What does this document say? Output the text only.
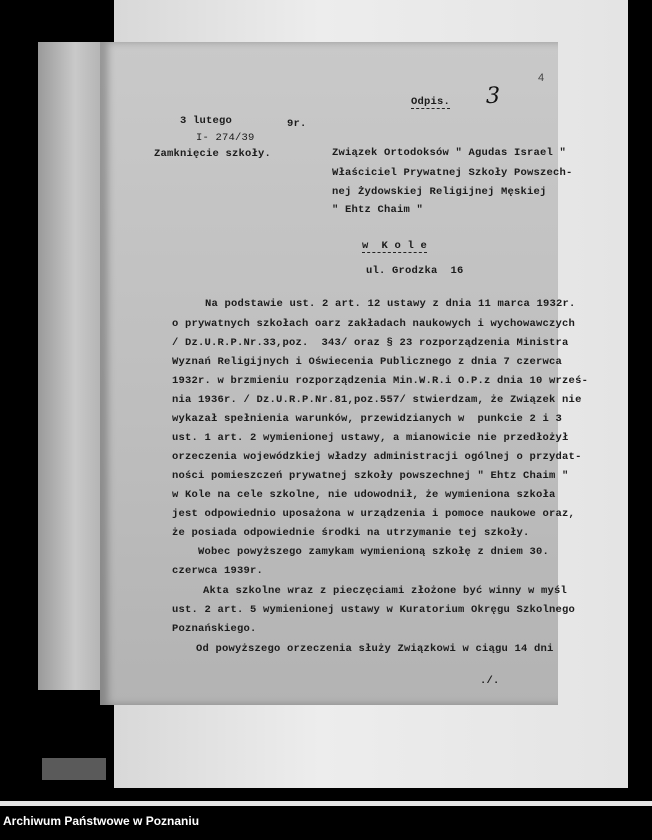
4
3
Odpis.
3 lutego	9r.
I- 274/39
Zamknięcie szkoły.	Związek Ortodoksów " Agudas Israel "
Właściciel Prywatnej Szkoły Powszech-
nej Żydowskiej Religijnej Męskiej
" Ehtz Chaim "
w  K o l e
ul. Grodzka  16
Na podstawie ust. 2 art. 12 ustawy z dnia 11 marca 1932r.
o prywatnych szkołach oarz zakładach naukowych i wychowawczych
/ Dz.U.R.P.Nr.33,poz.  343/ oraz § 23 rozporządzenia Ministra
Wyznań Religijnych i Oświecenia Publicznego z dnia 7 czerwca
1932r. w brzmieniu rozporządzenia Min.W.R.i O.P.z dnia 10 wrześ-
nia 1936r. / Dz.U.R.P.Nr.81,poz.557/ stwierdzam, że Związek nie
wykazał spełnienia warunków, przewidzianych w  punkcie 2 i 3
ust. 1 art. 2 wymienionej ustawy, a mianowicie nie przedłożył
orzeczenia wojewódzkiej władzy administracji ogólnej o przydat-
ności pomieszczeń prywatnej szkoły powszechnej " Ehtz Chaim "
w Kole na cele szkolne, nie udowodnił, że wymieniona szkoła
jest odpowiednio uposażona w urządzenia i pomoce naukowe oraz,
że posiada odpowiednie środki na utrzymanie tej szkoły.
Wobec powyższego zamykam wymienioną szkołę z dniem 30.
czerwca 1939r.
Akta szkolne wraz z pieczęciami złożone być winny w myśl
ust. 2 art. 5 wymienionej ustawy w Kuratorium Okręgu Szkolnego
Poznańskiego.
Od powyższego orzeczenia służy Związkowi w ciągu 14 dni
./.
Archiwum Państwowe w Poznaniu
